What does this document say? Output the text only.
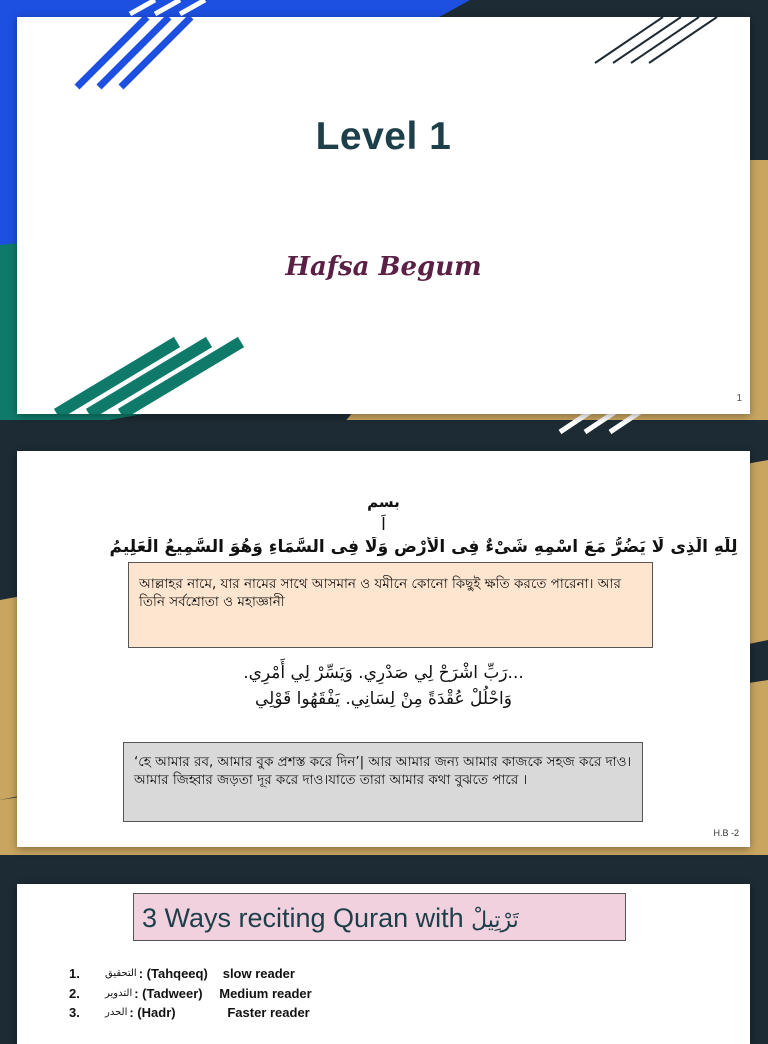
Level 1
Hafsa Begum
1
بسم
اَ
لِلّٰهِ الَّذِى لَا يَضُرُّ مَعَ اسْمِهِ شَىْءٌ فِى الْأَرْضِ وَلَا فِى السَّمَاءِ وَهُوَ السَّمِيعُ الْعَلِيمُ
আল্লাহর নামে, যার নামের সাথে আসমান ও যমীনে কোনো কিছুই ক্ষতি করতে পারেনা। আর তিনি সর্বশ্রোতা ও মহাজ্ঞানী
...رَبِّ اشْرَحْ لِي صَدْرِي. وَيَسِّرْ لِي أَمْرِي.
وَاحْلُلْ عُقْدَةً مِنْ لِسَانِي. يَفْقَهُوا قَوْلِي
‘হে আমার রব, আমার বুক প্রশস্ত করে দিন’| আর আমার জন্য আমার কাজকে সহজ করে দাও। আমার জিহ্বার জড়তা দূর করে দাও।যাতে তারা আমার কথা বুঝতে পারে ।
H.B -2
3 Ways reciting Quran with تَرْتِيلْ
1.	التحقيق : (Tahqeeq)	slow reader
2.	التدوير : (Tadweer)	Medium reader
3.	الحدر : (Hadr)	Faster reader
